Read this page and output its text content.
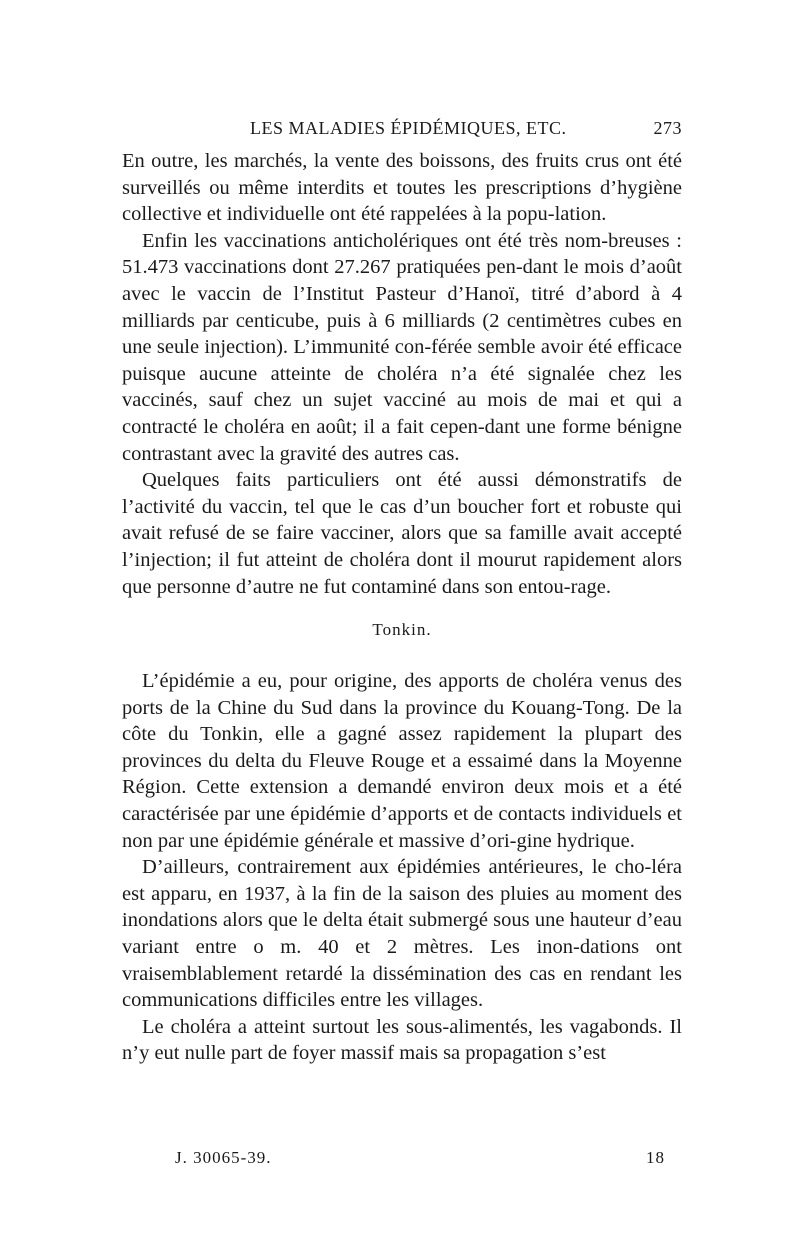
LES MALADIES ÉPIDÉMIQUES, ETC.	273

En outre, les marchés, la vente des boissons, des fruits crus ont été surveillés ou même interdits et toutes les prescriptions d’hygiène collective et individuelle ont été rappelées à la popu-lation.

Enfin les vaccinations anticholériques ont été très nom-breuses : 51.473 vaccinations dont 27.267 pratiquées pen-dant le mois d’août avec le vaccin de l’Institut Pasteur d’Hanoï, titré d’abord à 4 milliards par centicube, puis à 6 milliards (2 centimètres cubes en une seule injection). L’immunité con-férée semble avoir été efficace puisque aucune atteinte de choléra n’a été signalée chez les vaccinés, sauf chez un sujet vacciné au mois de mai et qui a contracté le choléra en août; il a fait cepen-dant une forme bénigne contrastant avec la gravité des autres cas.

Quelques faits particuliers ont été aussi démonstratifs de l’activité du vaccin, tel que le cas d’un boucher fort et robuste qui avait refusé de se faire vacciner, alors que sa famille avait accepté l’injection; il fut atteint de choléra dont il mourut rapidement alors que personne d’autre ne fut contaminé dans son entou-rage.

Tonkin.

L’épidémie a eu, pour origine, des apports de choléra venus des ports de la Chine du Sud dans la province du Kouang-Tong. De la côte du Tonkin, elle a gagné assez rapidement la plupart des provinces du delta du Fleuve Rouge et a essaimé dans la Moyenne Région. Cette extension a demandé environ deux mois et a été caractérisée par une épidémie d’apports et de contacts individuels et non par une épidémie générale et massive d’ori-gine hydrique.

D’ailleurs, contrairement aux épidémies antérieures, le cho-léra est apparu, en 1937, à la fin de la saison des pluies au moment des inondations alors que le delta était submergé sous une hauteur d’eau variant entre o m. 40 et 2 mètres. Les inon-dations ont vraisemblablement retardé la dissémination des cas en rendant les communications difficiles entre les villages.

Le choléra a atteint surtout les sous-alimentés, les vagabonds. Il n’y eut nulle part de foyer massif mais sa propagation s’est

J. 30065-39.	18
